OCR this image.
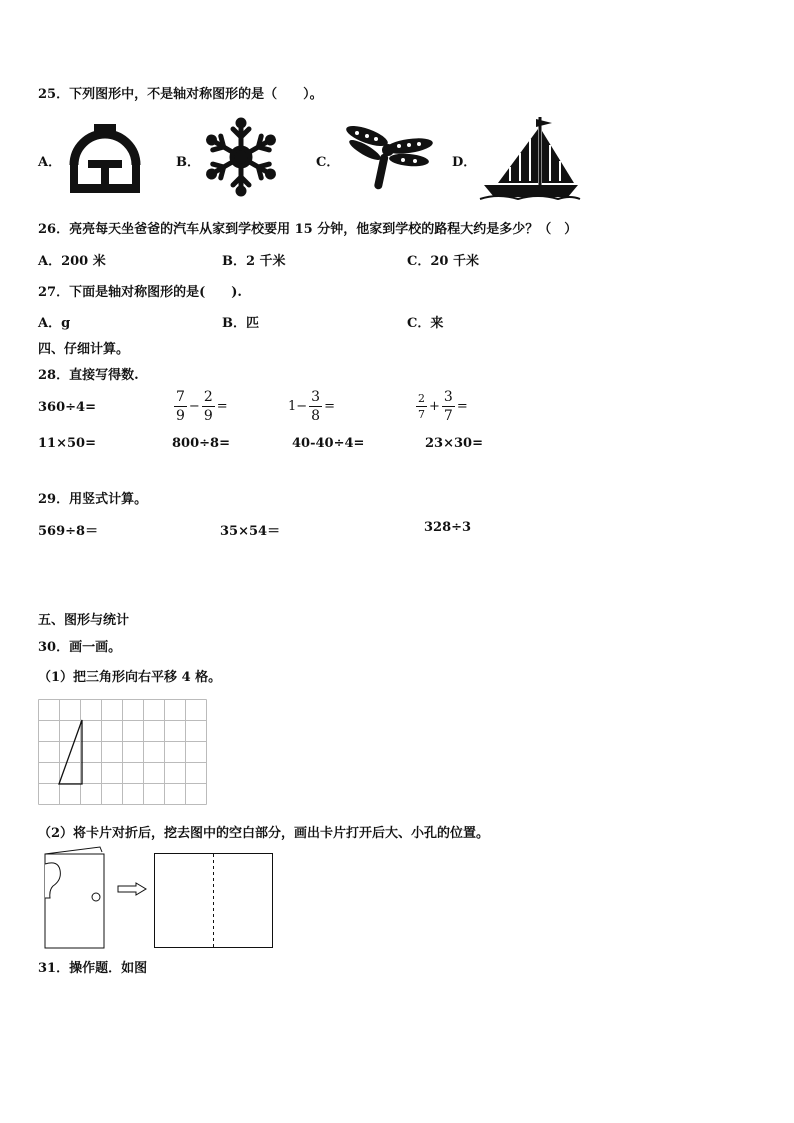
25．下列图形中，不是轴对称图形的是（　　）。
A．	B．	C．	D．
26．亮亮每天坐爸爸的汽车从家到学校要用 15 分钟，他家到学校的路程大约是多少？（　）
A．200 米	B．2 千米	C．20 千米
27．下面是轴对称图形的是(　　).
A．g	B．匹	C．来
四、仔细计算。
28．直接写得数.
360÷4=	$\frac{7}{9} - \frac{2}{9}$ =	$1- \frac{3}{8}$ =	$\frac{2}{7} + \frac{3}{7}$ =
11×50=	800÷8=	40-40÷4=	23×30=
29．用竖式计算。
569÷8＝	35×54＝	328÷3
五、图形与统计
30．画一画。
（1）把三角形向右平移 4 格。
（2）将卡片对折后，挖去图中的空白部分，画出卡片打开后大、小孔的位置。
31．操作题．如图
